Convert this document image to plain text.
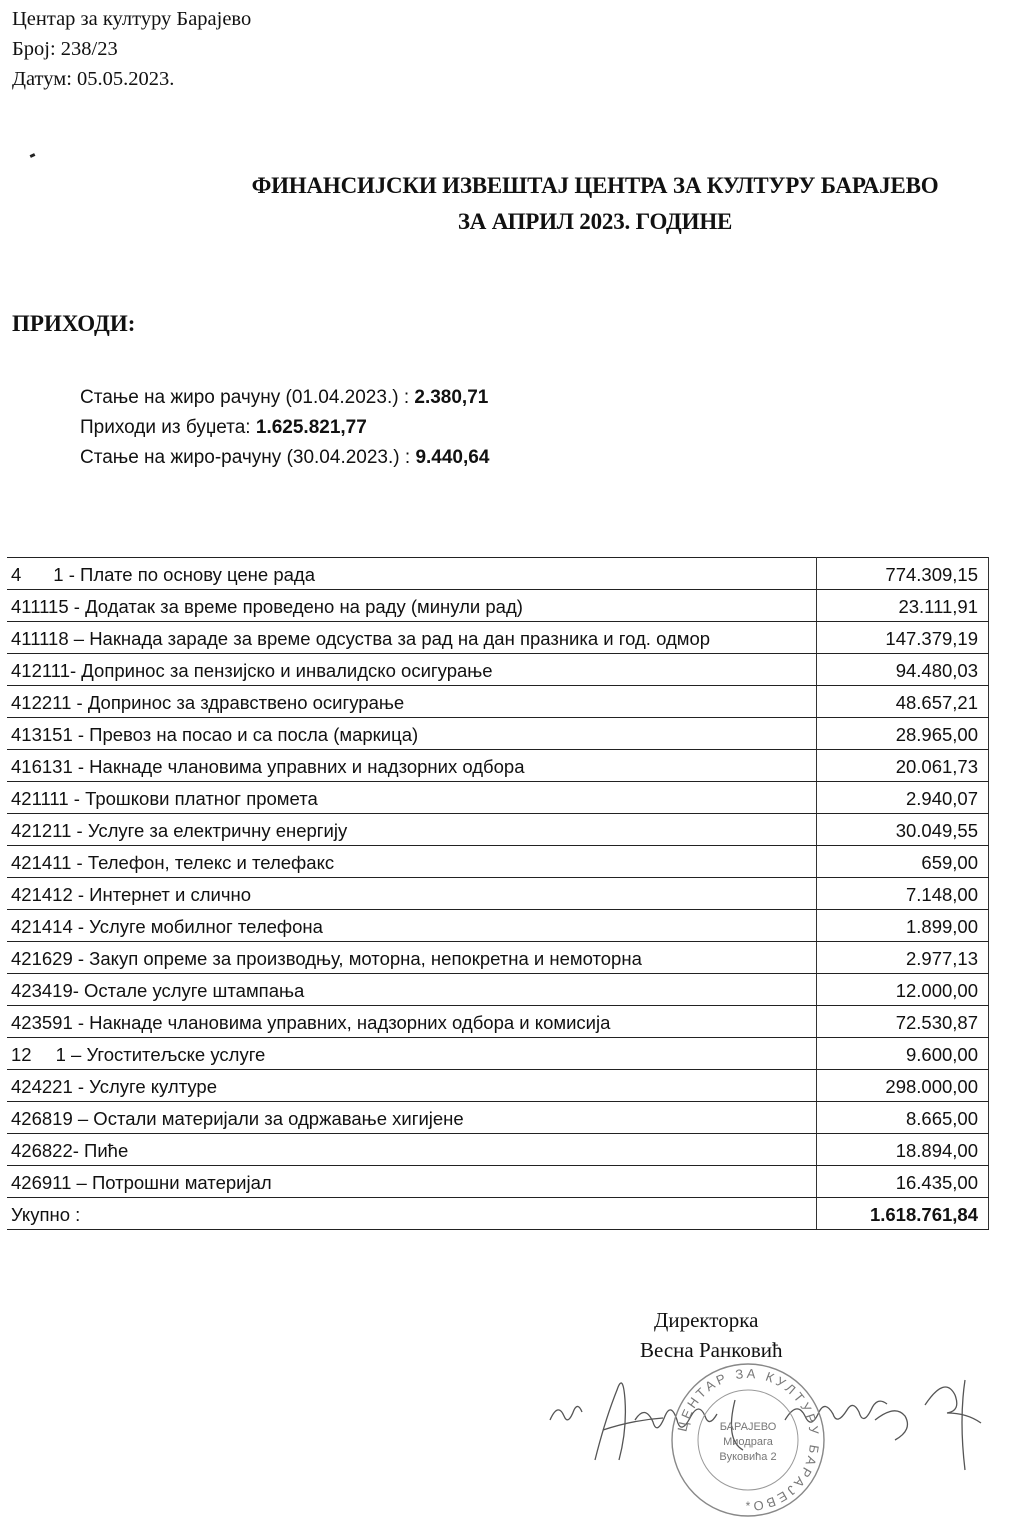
Центар за културу Барајево
Број: 238/23
Датум: 05.05.2023.
ФИНАНСИЈСКИ ИЗВЕШТАЈ ЦЕНТРА ЗА КУЛТУРУ БАРАЈЕВО
ЗА АПРИЛ 2023. ГОДИНЕ
ПРИХОДИ:
Стање на жиро рачуну (01.04.2023.) : 2.380,71
Приходи из буџета: 1.625.821,77
Стање на жиро-рачуну (30.04.2023.) : 9.440,64
4 1 - Плате по основу цене рада	774.309,15
411115 - Додатак за време проведено на раду (минули рад)	23.111,91
411118 – Накнада зараде за време одсуства за рад на дан празника и год. одмор	147.379,19
412111- Допринос за пензијско и инвалидско осигурање	94.480,03
412211 - Допринос за здравствено осигурање	48.657,21
413151 - Превоз на посао и са посла (маркица)	28.965,00
416131 - Накнаде члановима управних и надзорних одбора	20.061,73
421111 - Трошкови платног промета	2.940,07
421211 - Услуге за електричну енергију	30.049,55
421411 - Телефон, телекс и телефакс	659,00
421412 - Интернет и слично	7.148,00
421414 - Услуге мобилног телефона	1.899,00
421629 - Закуп опреме за производњу, моторна, непокретна и немоторна	2.977,13
423419- Остале услуге штампања	12.000,00
423591 - Накнаде члановима управних, надзорних одбора и комисија	72.530,87
12 1 – Угоститељске услуге	9.600,00
424221 - Услуге културе	298.000,00
426819 – Остали материјали за одржавање хигијене	8.665,00
426822- Пиће	18.894,00
426911 – Потрошни материјал	16.435,00
Укупно :	1.618.761,84
Директорка
Весна Ранковић
ЦЕНТАР ЗА КУЛТУРУ БАРАЈЕВО
БАРАЈЕВО
Миодрага
Вуковића 2
*
